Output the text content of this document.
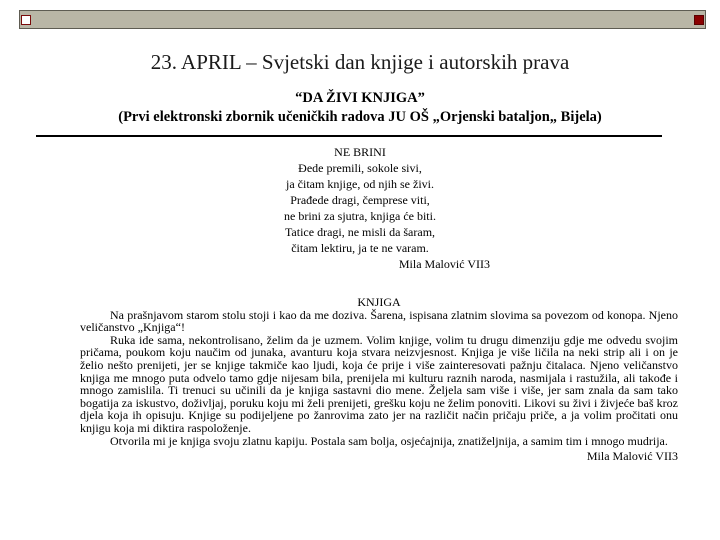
23. APRIL – Svjetski dan knjige i autorskih prava
“DA ŽIVI KNJIGA”
(Prvi elektronski zbornik učeničkih radova JU OŠ „Orjenski bataljon„ Bijela)
NE BRINI
Đede premili, sokole sivi,
ja čitam knjige, od njih se živi.
Prađede dragi, čemprese viti,
ne brini za sjutra, knjiga će biti.
Tatice dragi, ne misli da šaram,
čitam lektiru, ja te ne varam.
Mila Malović VII3
KNJIGA

Na prašnjavom starom stolu stoji i kao da me doziva. Šarena, ispisana zlatnim slovima sa povezom od konopa. Njeno veličanstvo „Knjiga“!

Ruka ide sama, nekontrolisano, želim da je uzmem. Volim knjige, volim tu drugu dimenziju gdje me odvedu svojim pričama, poukom koju naučim od junaka, avanturu koja stvara neizvjesnost. Knjiga je više ličila na neki strip ali i on je želio nešto prenijeti, jer se knjige takmiče kao ljudi, koja će prije i više zainteresovati pažnju čitalaca. Njeno veličanstvo knjiga me mnogo puta odvelo tamo gdje nijesam bila, prenijela mi kulturu raznih naroda, nasmijala i rastužila, ali takođe i mnogo zamislila. Ti trenuci su učinili da je knjiga sastavni dio mene. Željela sam više i više, jer sam znala da sam tako bogatija za iskustvo, doživljaj, poruku koju mi želi prenijeti, grešku koju ne želim ponoviti. Likovi su živi i živjeće baš kroz djela koja ih opisuju. Knjige su podijeljene po žanrovima zato jer na različit način pričaju priče, a ja volim pročitati onu knjigu koja mi diktira raspoloženje.

Otvorila mi je knjiga svoju zlatnu kapiju. Postala sam bolja, osjećajnija, znatiželjnija, a samim tim i mnogo mudrija.

Mila Malović VII3
